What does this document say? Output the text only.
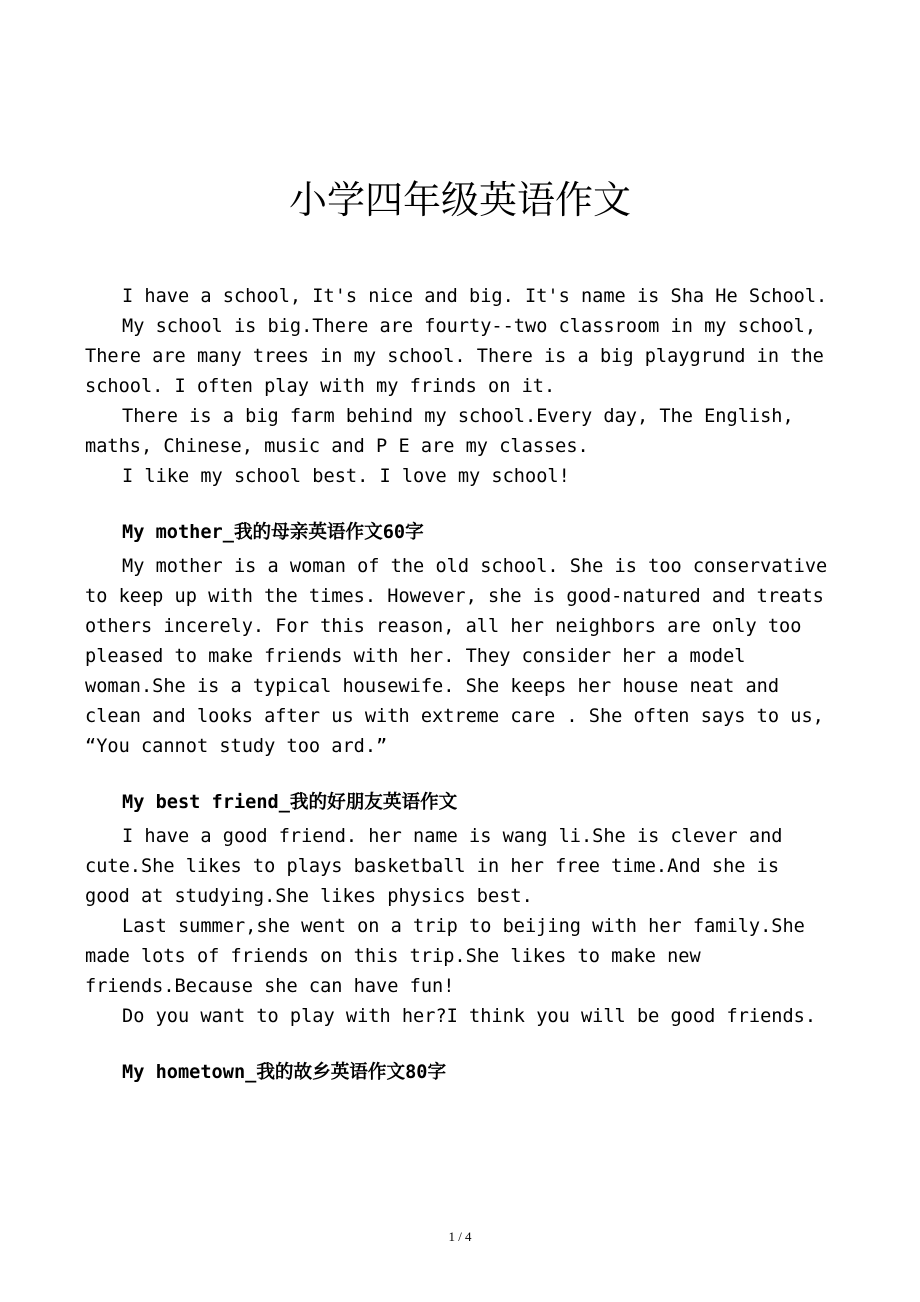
小学四年级英语作文

I have a school, It's nice and big. It's name is Sha He School.

My school is big.There are fourty--two classroom in my school, There are many trees in my school. There is a big playgrund in the school. I often play with my frinds on it.

There is a big farm behind my school.Every day, The English, maths, Chinese, music and P E are my classes.

I like my school best. I love my school!

My mother_我的母亲英语作文60字

My mother is a woman of the old school. She is too conservative to keep up with the times. However, she is good-natured and treats others incerely. For this reason, all her neighbors are only too pleased to make friends with her. They consider her a model woman.She is a typical housewife. She keeps her house neat and clean and looks after us with extreme care . She often says to us, “You cannot study too ard.”

My best friend_我的好朋友英语作文

I have a good friend. her name is wang li.She is clever and cute.She likes to plays basketball in her free time.And she is good at studying.She likes physics best.

Last summer,she went on a trip to beijing with her family.She made lots of friends on this trip.She likes to make new friends.Because she can have fun!

Do you want to play with her?I think you will be good friends.

My hometown_我的故乡英语作文80字
1 / 4
